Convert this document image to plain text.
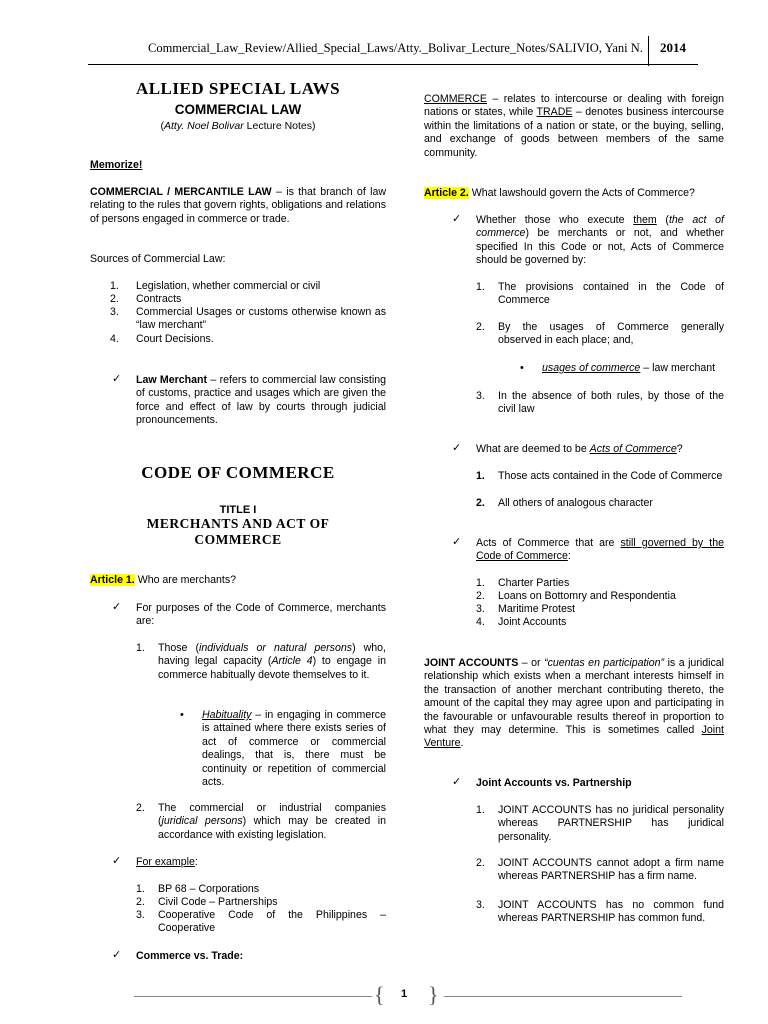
Commercial_Law_Review/Allied_Special_Laws/Atty._Bolivar_Lecture_Notes/SALIVIO, Yani N. 2014
ALLIED SPECIAL LAWS
COMMERCIAL LAW
(Atty. Noel Bolivar Lecture Notes)
Memorize!
COMMERCIAL / MERCANTILE LAW – is that branch of law relating to the rules that govern rights, obligations and relations of persons engaged in commerce or trade.
Sources of Commercial Law:
1. Legislation, whether commercial or civil
2. Contracts
3. Commercial Usages or customs otherwise known as “law merchant”
4. Court Decisions.
✓ Law Merchant – refers to commercial law consisting of customs, practice and usages which are given the force and effect of law by courts through judicial pronouncements.
CODE OF COMMERCE
TITLE I
MERCHANTS AND ACT OF COMMERCE
Article 1. Who are merchants?
✓ For purposes of the Code of Commerce, merchants are:
1. Those (individuals or natural persons) who, having legal capacity (Article 4) to engage in commerce habitually devote themselves to it.
• Habituality – in engaging in commerce is attained where there exists series of act of commerce or commercial dealings, that is, there must be continuity or repetition of commercial acts.
2. The commercial or industrial companies (juridical persons) which may be created in accordance with existing legislation.
✓ For example:
1. BP 68 – Corporations
2. Civil Code – Partnerships
3. Cooperative Code of the Philippines – Cooperative
✓ Commerce vs. Trade:
COMMERCE – relates to intercourse or dealing with foreign nations or states, while TRADE – denotes business intercourse within the limitations of a nation or state, or the buying, selling, and exchange of goods between members of the same community.
Article 2. What lawshould govern the Acts of Commerce?
✓ Whether those who execute them (the act of commerce) be merchants or not, and whether specified In this Code or not, Acts of Commerce should be governed by:
1. The provisions contained in the Code of Commerce
2. By the usages of Commerce generally observed in each place; and,
• usages of commerce – law merchant
3. In the absence of both rules, by those of the civil law
✓ What are deemed to be Acts of Commerce?
1. Those acts contained in the Code of Commerce
2. All others of analogous character
✓ Acts of Commerce that are still governed by the Code of Commerce:
1. Charter Parties
2. Loans on Bottomry and Respondentia
3. Maritime Protest
4. Joint Accounts
JOINT ACCOUNTS – or “cuentas en participation” is a juridical relationship which exists when a merchant interests himself in the transaction of another merchant contributing thereto, the amount of the capital they may agree upon and participating in the favourable or unfavourable results thereof in proportion to what they may determine. This is sometimes called Joint Venture.
✓ Joint Accounts vs. Partnership
1. JOINT ACCOUNTS has no juridical personality whereas PARTNERSHIP has juridical personality.
2. JOINT ACCOUNTS cannot adopt a firm name whereas PARTNERSHIP has a firm name.
3. JOINT ACCOUNTS has no common fund whereas PARTNERSHIP has common fund.
{ 1 }
